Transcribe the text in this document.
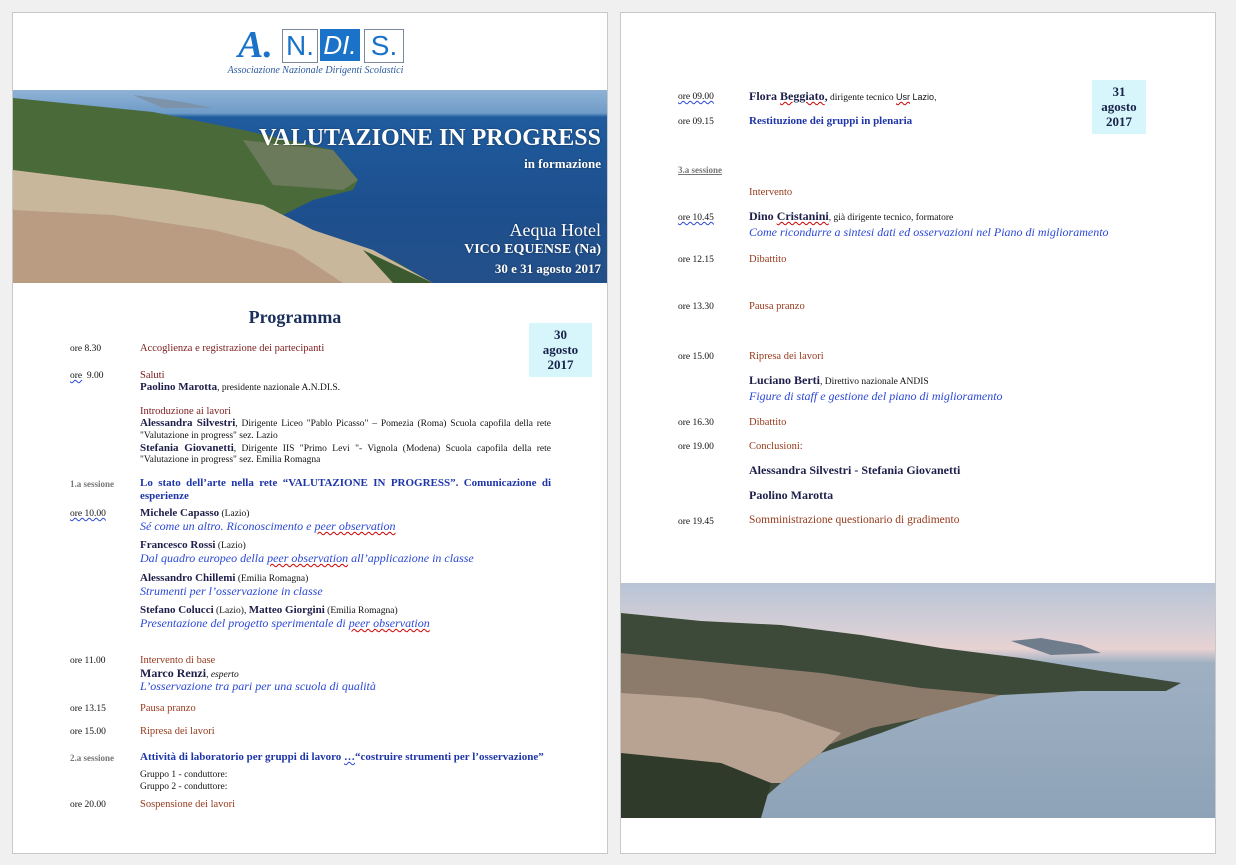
A. N. DI. S.
Associazione Nazionale Dirigenti Scolastici
VALUTAZIONE IN PROGRESS
in formazione
Aequa Hotel
VICO EQUENSE (Na)
30 e 31 agosto 2017
Programma
30
agosto
2017
ore 8.30	Accoglienza e registrazione dei partecipanti
ore 9.00	Saluti
Paolino Marotta, presidente nazionale A.N.DI.S.
Introduzione ai lavori
Alessandra Silvestri, Dirigente Liceo "Pablo Picasso" – Pomezia (Roma) Scuola capofila della rete
"Valutazione in progress" sez. Lazio
Stefania Giovanetti, Dirigente IIS "Primo Levi "- Vignola (Modena) Scuola capofila della rete
"Valutazione in progress" sez. Emilia Romagna
1.a sessione Lo stato dell’arte nella rete “VALUTAZIONE IN PROGRESS”. Comunicazione di
esperienze
ore 10.00	Michele Capasso (Lazio)
Sé come un altro. Riconoscimento e peer observation
Francesco Rossi (Lazio)
Dal quadro europeo della peer observation all’applicazione in classe
Alessandro Chillemi (Emilia Romagna)
Strumenti per l’osservazione in classe
Stefano Colucci (Lazio), Matteo Giorgini (Emilia Romagna)
Presentazione del progetto sperimentale di peer observation
ore 11.00	Intervento di base
Marco Renzi, esperto
L’osservazione tra pari per una scuola di qualità
ore 13.15	Pausa pranzo
ore 15.00	Ripresa dei lavori
2.a sessione Attività di laboratorio per gruppi di lavoro …“costruire strumenti per l’osservazione”
Gruppo 1 - conduttore:
Gruppo 2 - conduttore:
ore 20.00	Sospensione dei lavori
31
agosto
2017
ore 09.00	Flora Beggiato, dirigente tecnico Usr Lazio,
ore 09.15	Restituzione dei gruppi in plenaria
3.a sessione
Intervento
ore 10.45	Dino Cristanini, già dirigente tecnico, formatore
Come ricondurre a sintesi dati ed osservazioni nel Piano di miglioramento
ore 12.15	Dibattito
ore 13.30	Pausa pranzo
ore 15.00	Ripresa dei lavori
Luciano Berti, Direttivo nazionale ANDIS
Figure di staff e gestione del piano di miglioramento
ore 16.30	Dibattito
ore 19.00	Conclusioni:
Alessandra Silvestri - Stefania Giovanetti
Paolino Marotta
ore 19.45	Somministrazione questionario di gradimento
